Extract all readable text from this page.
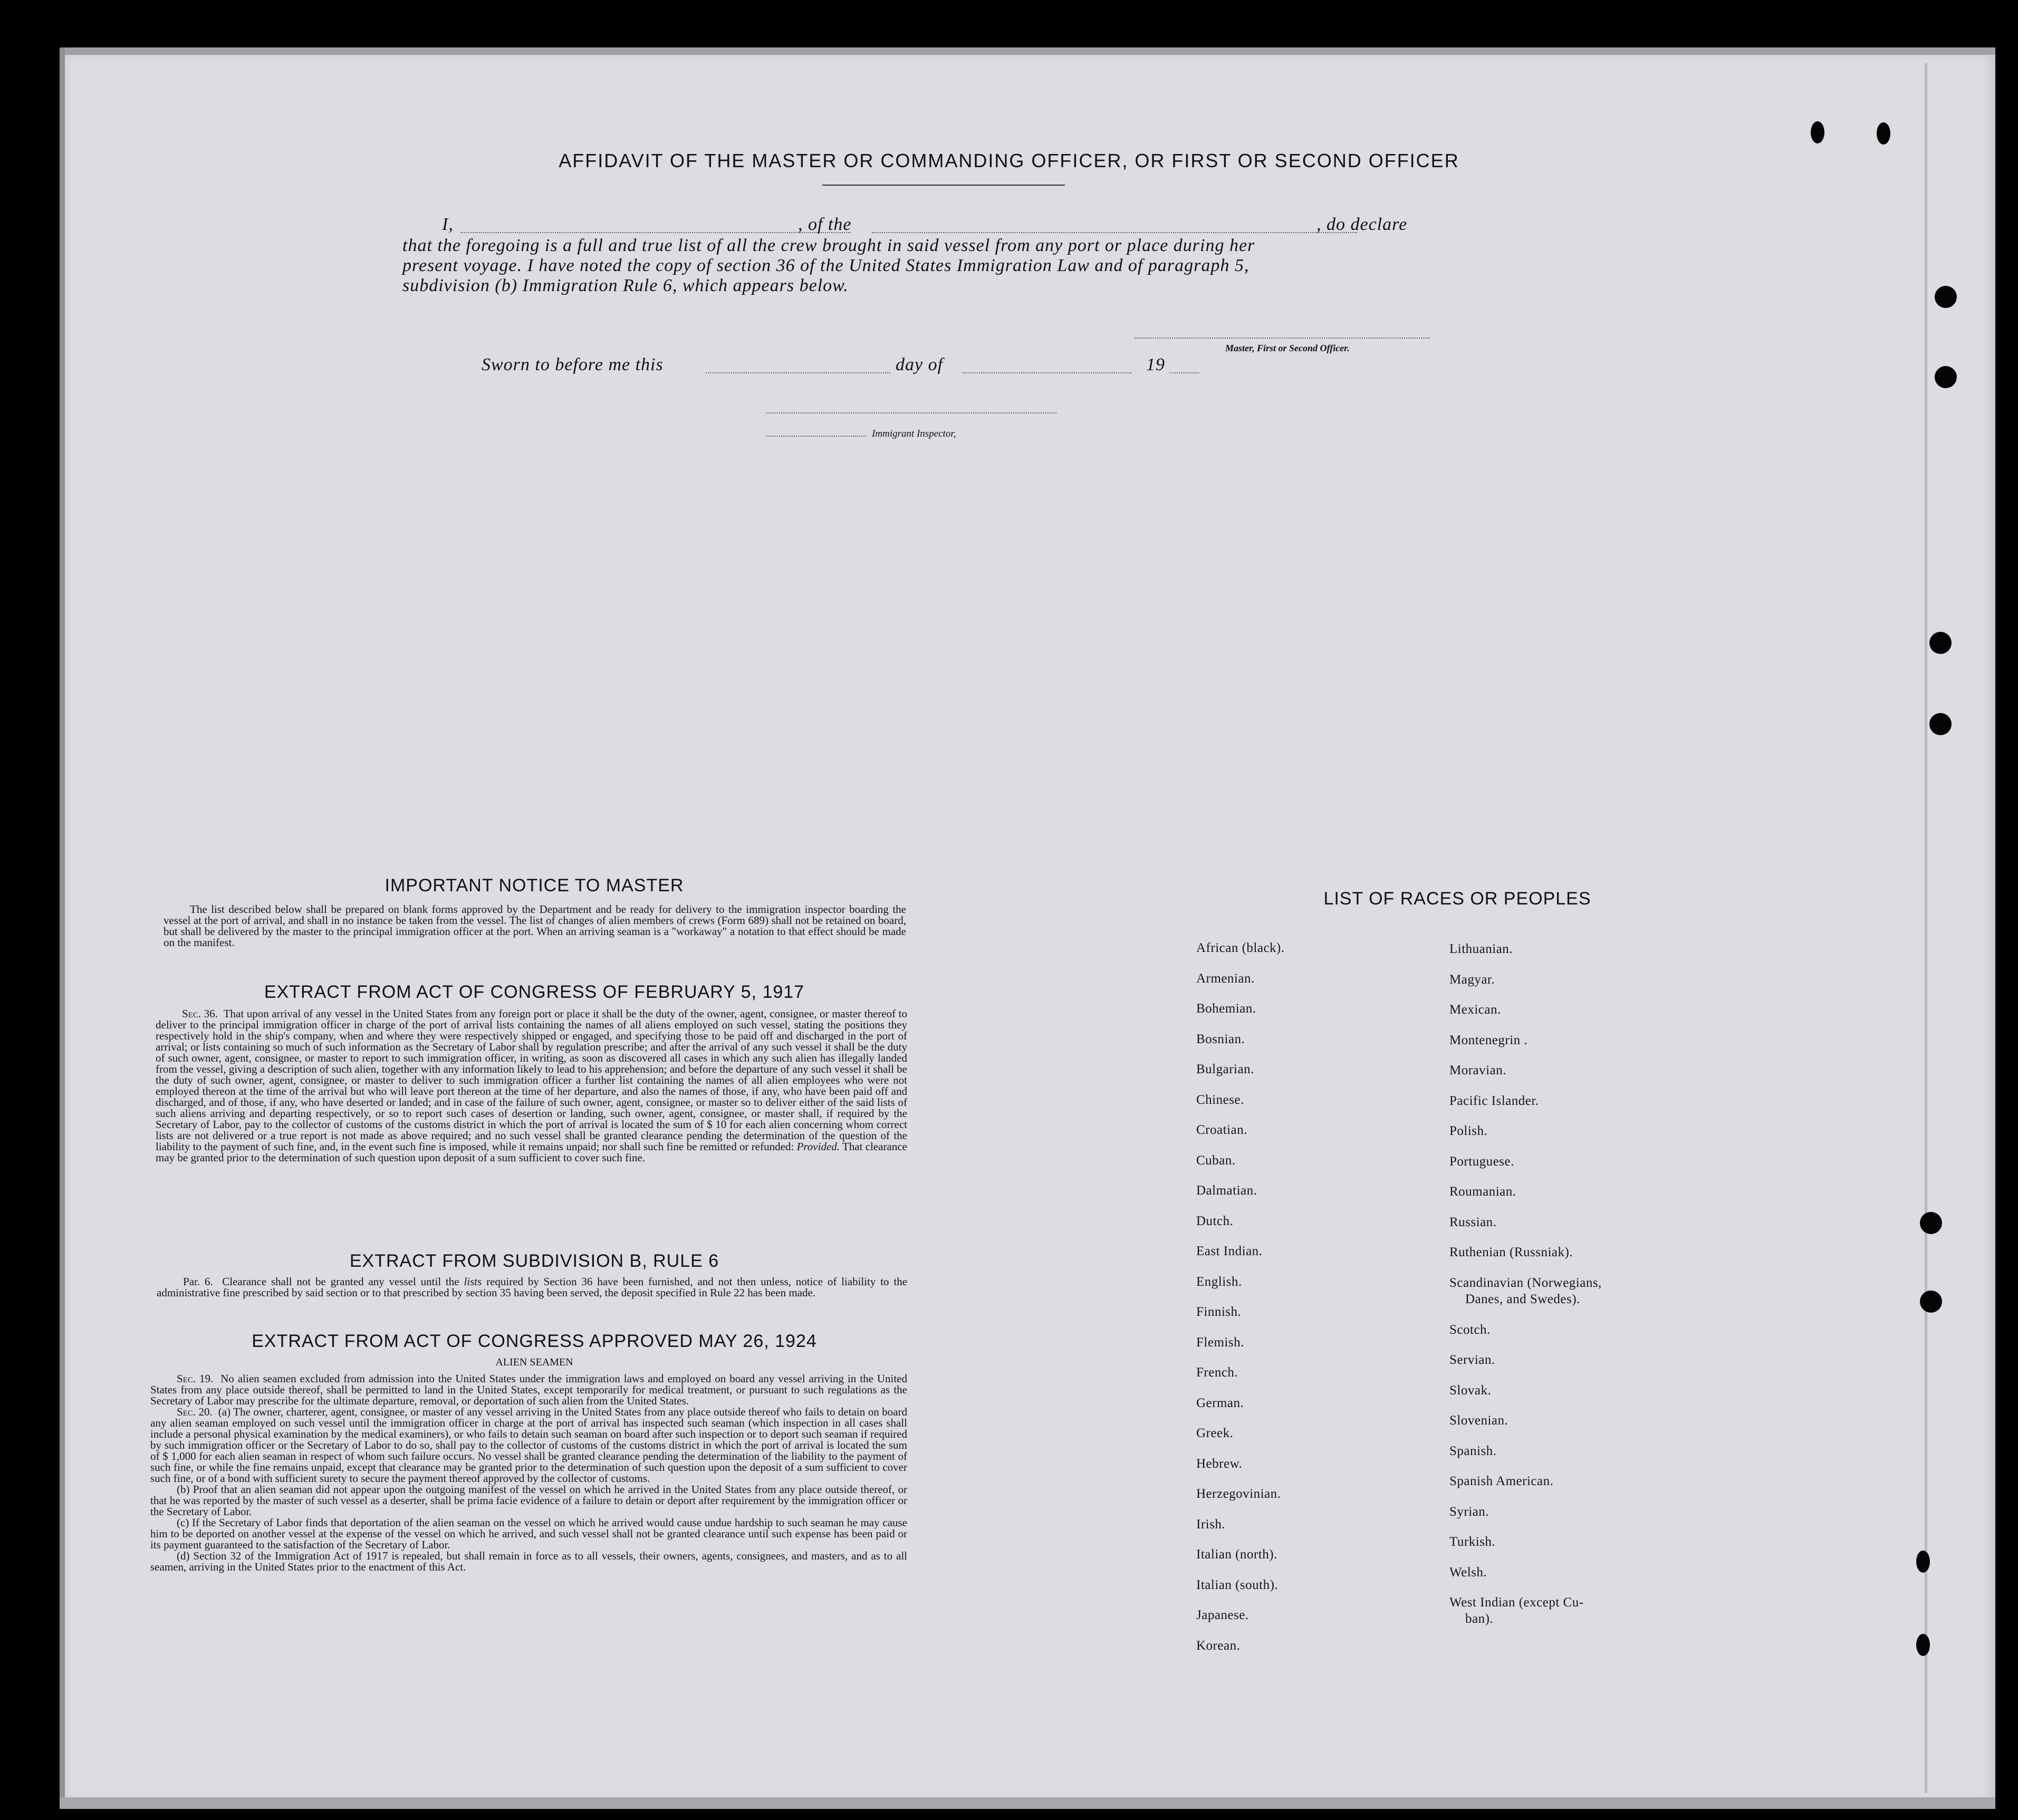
AFFIDAVIT OF THE MASTER OR COMMANDING OFFICER, OR FIRST OR SECOND OFFICER
I,	, of the	, do declare
that the foregoing is a full and true list of all the crew brought in said vessel from any port or place during her
present voyage. I have noted the copy of section 36 of the United States Immigration Law and of paragraph 5,
subdivision (b) Immigration Rule 6, which appears below.
Master, First or Second Officer.
Sworn to before me this	day of	19
Immigrant Inspector,
IMPORTANT NOTICE TO MASTER

The list described below shall be prepared on blank forms approved by the Department and be ready for delivery to the immigration inspector boarding the vessel at the port of arrival, and shall in no instance be taken from the vessel. The list of changes of alien members of crews (Form 689) shall not be retained on board, but shall be delivered by the master to the principal immigration officer at the port. When an arriving seaman is a "workaway" a notation to that effect should be made on the manifest.

EXTRACT FROM ACT OF CONGRESS OF FEBRUARY 5, 1917

Sec. 36. That upon arrival of any vessel in the United States from any foreign port or place it shall be the duty of the owner, agent, consignee, or master thereof to deliver to the principal immigration officer in charge of the port of arrival lists containing the names of all aliens employed on such vessel, stating the positions they respectively hold in the ship's company, when and where they were respectively shipped or engaged, and specifying those to be paid off and discharged in the port of arrival; or lists containing so much of such information as the Secretary of Labor shall by regulation prescribe; and after the arrival of any such vessel it shall be the duty of such owner, agent, consignee, or master to report to such immigration officer, in writing, as soon as discovered all cases in which any such alien has illegally landed from the vessel, giving a description of such alien, together with any information likely to lead to his apprehension; and before the departure of any such vessel it shall be the duty of such owner, agent, consignee, or master to deliver to such immigration officer a further list containing the names of all alien employees who were not employed thereon at the time of the arrival but who will leave port thereon at the time of her departure, and also the names of those, if any, who have been paid off and discharged, and of those, if any, who have deserted or landed; and in case of the failure of such owner, agent, consignee, or master so to deliver either of the said lists of such aliens arriving and departing respectively, or so to report such cases of desertion or landing, such owner, agent, consignee, or master shall, if required by the Secretary of Labor, pay to the collector of customs of the customs district in which the port of arrival is located the sum of $ 10 for each alien concerning whom correct lists are not delivered or a true report is not made as above required; and no such vessel shall be granted clearance pending the determination of the question of the liability to the payment of such fine, and, in the event such fine is imposed, while it remains unpaid; nor shall such fine be remitted or refunded: Provided. That clearance may be granted prior to the determination of such question upon deposit of a sum sufficient to cover such fine.

EXTRACT FROM SUBDIVISION B, RULE 6

Par. 6. Clearance shall not be granted any vessel until the lists required by Section 36 have been furnished, and not then unless, notice of liability to the administrative fine prescribed by said section or to that prescribed by section 35 having been served, the deposit specified in Rule 22 has been made.

EXTRACT FROM ACT OF CONGRESS APPROVED MAY 26, 1924
ALIEN SEAMEN

Sec. 19. No alien seamen excluded from admission into the United States under the immigration laws and employed on board any vessel arriving in the United States from any place outside thereof, shall be permitted to land in the United States, except temporarily for medical treatment, or pursuant to such regulations as the Secretary of Labor may prescribe for the ultimate departure, removal, or deportation of such alien from the United States.

Sec. 20. (a) The owner, charterer, agent, consignee, or master of any vessel arriving in the United States from any place outside thereof who fails to detain on board any alien seaman employed on such vessel until the immigration officer in charge at the port of arrival has inspected such seaman (which inspection in all cases shall include a personal physical examination by the medical examiners), or who fails to detain such seaman on board after such inspection or to deport such seaman if required by such immigration officer or the Secretary of Labor to do so, shall pay to the collector of customs of the customs district in which the port of arrival is located the sum of $ 1,000 for each alien seaman in respect of whom such failure occurs. No vessel shall be granted clearance pending the determination of the liability to the payment of such fine, or while the fine remains unpaid, except that clearance may be granted prior to the determination of such question upon the deposit of a sum sufficient to cover such fine, or of a bond with sufficient surety to secure the payment thereof approved by the collector of customs.

(b) Proof that an alien seaman did not appear upon the outgoing manifest of the vessel on which he arrived in the United States from any place outside thereof, or that he was reported by the master of such vessel as a deserter, shall be prima facie evidence of a failure to detain or deport after requirement by the immigration officer or the Secretary of Labor.

(c) If the Secretary of Labor finds that deportation of the alien seaman on the vessel on which he arrived would cause undue hardship to such seaman he may cause him to be deported on another vessel at the expense of the vessel on which he arrived, and such vessel shall not be granted clearance until such expense has been paid or its payment guaranteed to the satisfaction of the Secretary of Labor.

(d) Section 32 of the Immigration Act of 1917 is repealed, but shall remain in force as to all vessels, their owners, agents, consignees, and masters, and as to all seamen, arriving in the United States prior to the enactment of this Act.

LIST OF RACES OR PEOPLES
African (black).
Armenian.
Bohemian.
Bosnian.
Bulgarian.
Chinese.
Croatian.
Cuban.
Dalmatian.
Dutch.
East Indian.
English.
Finnish.
Flemish.
French.
German.
Greek.
Hebrew.
Herzegovinian.
Irish.
Italian (north).
Italian (south).
Japanese.
Korean.
Lithuanian.
Magyar.
Mexican.
Montenegrin .
Moravian.
Pacific Islander.
Polish.
Portuguese.
Roumanian.
Russian.
Ruthenian (Russniak).
Scandinavian (Norwegians,
Danes, and Swedes).
Scotch.
Servian.
Slovak.
Slovenian.
Spanish.
Spanish American.
Syrian.
Turkish.
Welsh.
West Indian (except Cu-
ban).
